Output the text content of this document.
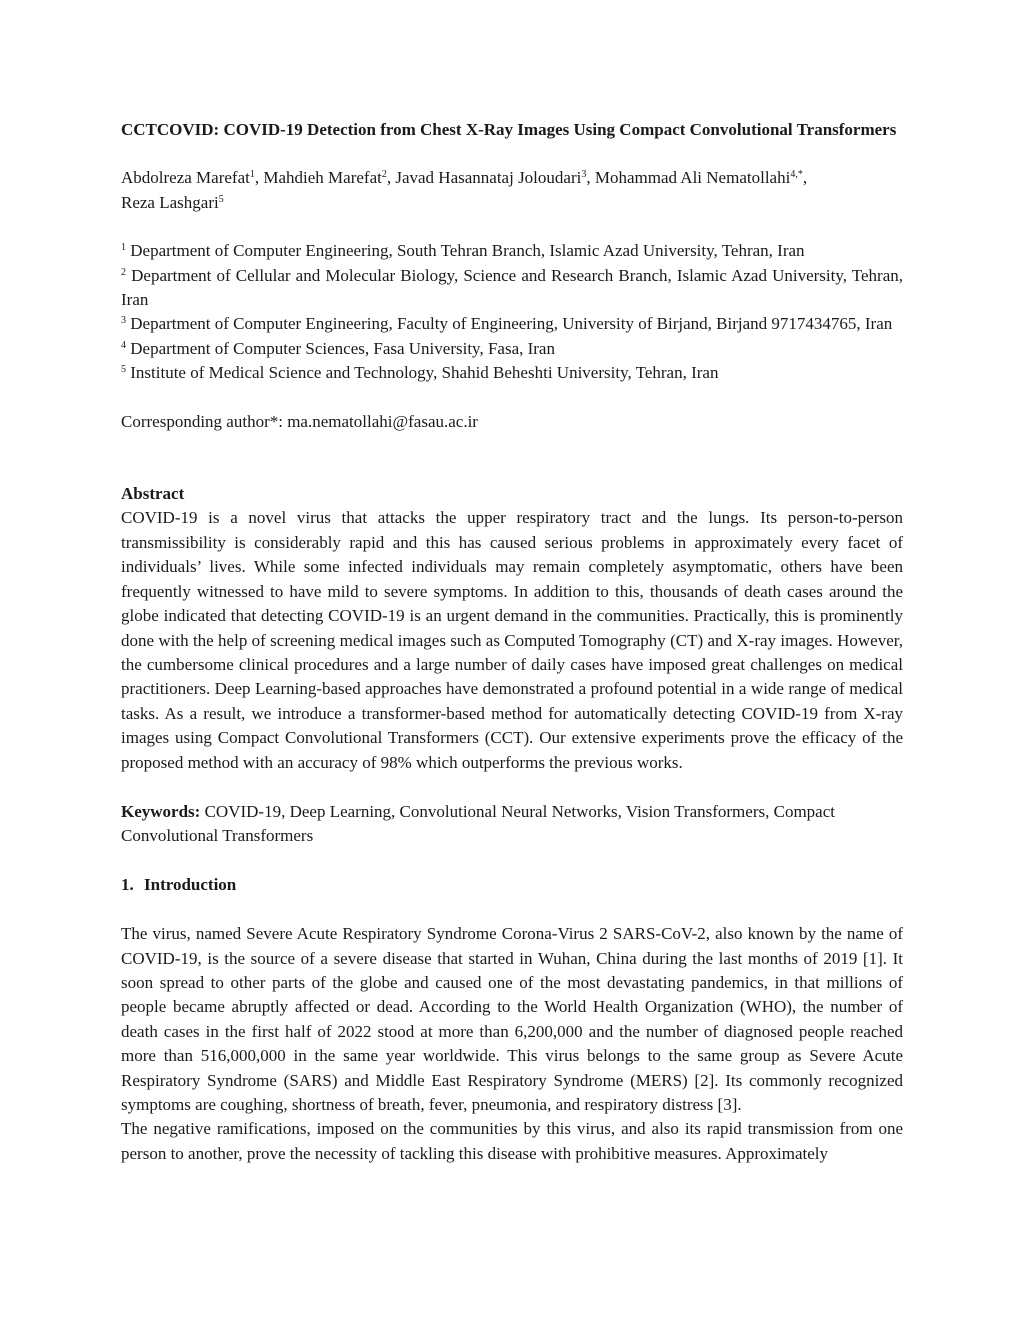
CCTCOVID: COVID-19 Detection from Chest X-Ray Images Using Compact Convolutional Transformers
Abdolreza Marefat$^1$, Mahdieh Marefat$^2$, Javad Hasannataj Joloudari$^3$, Mohammad Ali Nematollahi$^{4,*}$,
Reza Lashgari$^5$
$^1$ Department of Computer Engineering, South Tehran Branch, Islamic Azad University, Tehran, Iran
$^2$ Department of Cellular and Molecular Biology, Science and Research Branch, Islamic Azad University, Tehran, Iran
$^3$ Department of Computer Engineering, Faculty of Engineering, University of Birjand, Birjand 9717434765, Iran
$^4$ Department of Computer Sciences, Fasa University, Fasa, Iran
$^5$ Institute of Medical Science and Technology, Shahid Beheshti University, Tehran, Iran
Corresponding author*: ma.nematollahi@fasau.ac.ir
Abstract
COVID-19 is a novel virus that attacks the upper respiratory tract and the lungs. Its person-to-person transmissibility is considerably rapid and this has caused serious problems in approximately every facet of individuals’ lives. While some infected individuals may remain completely asymptomatic, others have been frequently witnessed to have mild to severe symptoms. In addition to this, thousands of death cases around the globe indicated that detecting COVID-19 is an urgent demand in the communities. Practically, this is prominently done with the help of screening medical images such as Computed Tomography (CT) and X-ray images. However, the cumbersome clinical procedures and a large number of daily cases have imposed great challenges on medical practitioners. Deep Learning-based approaches have demonstrated a profound potential in a wide range of medical tasks. As a result, we introduce a transformer-based method for automatically detecting COVID-19 from X-ray images using Compact Convolutional Transformers (CCT). Our extensive experiments prove the efficacy of the proposed method with an accuracy of 98% which outperforms the previous works.
Keywords: COVID-19, Deep Learning, Convolutional Neural Networks, Vision Transformers, Compact Convolutional Transformers
1. Introduction
The virus, named Severe Acute Respiratory Syndrome Corona-Virus 2 SARS-CoV-2, also known by the name of COVID-19, is the source of a severe disease that started in Wuhan, China during the last months of 2019 [1]. It soon spread to other parts of the globe and caused one of the most devastating pandemics, in that millions of people became abruptly affected or dead. According to the World Health Organization (WHO), the number of death cases in the first half of 2022 stood at more than 6,200,000 and the number of diagnosed people reached more than 516,000,000 in the same year worldwide. This virus belongs to the same group as Severe Acute Respiratory Syndrome (SARS) and Middle East Respiratory Syndrome (MERS) [2]. Its commonly recognized symptoms are coughing, shortness of breath, fever, pneumonia, and respiratory distress [3].
The negative ramifications, imposed on the communities by this virus, and also its rapid transmission from one person to another, prove the necessity of tackling this disease with prohibitive measures. Approximately
